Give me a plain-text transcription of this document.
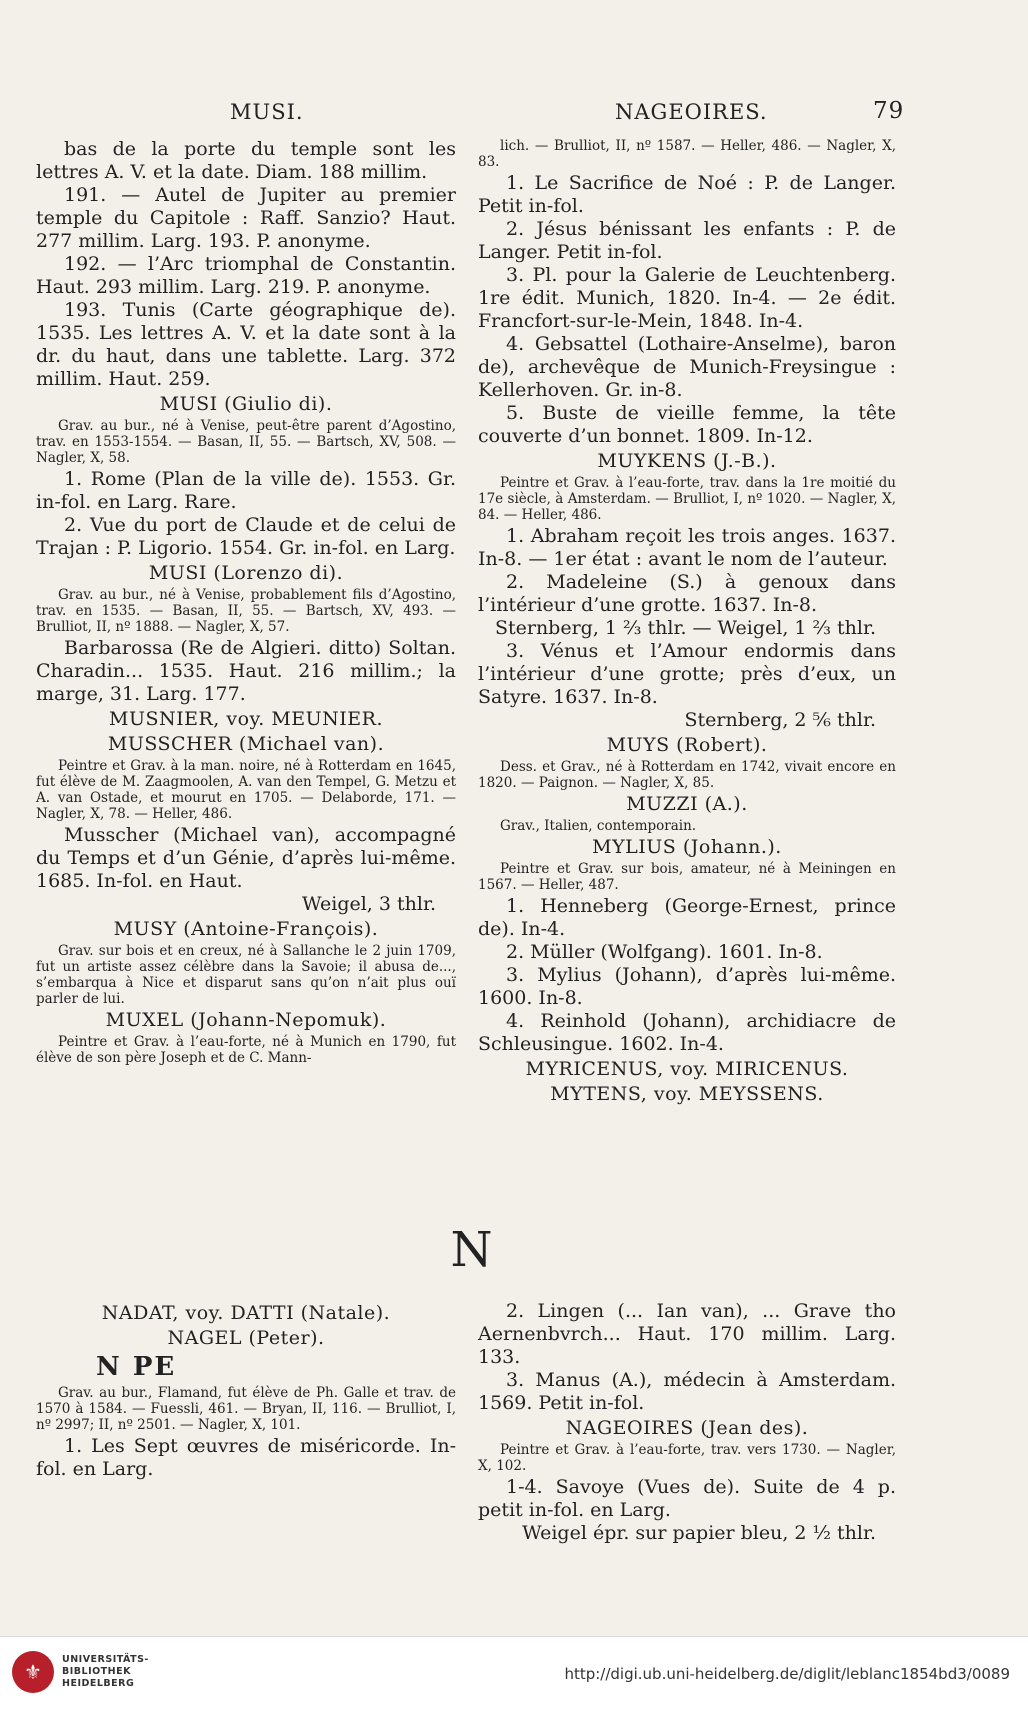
MUSI.	NAGEOIRES.	79

bas de la porte du temple sont les lettres A. V. et la date. Diam. 188 millim.

191. — Autel de Jupiter au premier temple du Capitole : Raff. Sanzio? Haut. 277 millim. Larg. 193. P. anonyme.

192. — l’Arc triomphal de Constantin. Haut. 293 millim. Larg. 219. P. anonyme.

193. Tunis (Carte géographique de). 1535. Les lettres A. V. et la date sont à la dr. du haut, dans une tablette. Larg. 372 millim. Haut. 259.

MUSI (Giulio di).

Grav. au bur., né à Venise, peut-être parent d’Agostino, trav. en 1553-1554. — Basan, II, 55. — Bartsch, XV, 508. — Nagler, X, 58.

1. Rome (Plan de la ville de). 1553. Gr. in-fol. en Larg. Rare.

2. Vue du port de Claude et de celui de Trajan : P. Ligorio. 1554. Gr. in-fol. en Larg.

MUSI (Lorenzo di).

Grav. au bur., né à Venise, probablement fils d’Agostino, trav. en 1535. — Basan, II, 55. — Bartsch, XV, 493. — Brulliot, II, nº 1888. — Nagler, X, 57.

Barbarossa (Re de Algieri. ditto) Soltan. Charadin... 1535. Haut. 216 millim.; la marge, 31. Larg. 177.

MUSNIER, voy. MEUNIER.

MUSSCHER (Michael van).

Peintre et Grav. à la man. noire, né à Rotterdam en 1645, fut élève de M. Zaagmoolen, A. van den Tempel, G. Metzu et A. van Ostade, et mourut en 1705. — Delaborde, 171. — Nagler, X, 78. — Heller, 486.

Musscher (Michael van), accompagné du Temps et d’un Génie, d’après lui-même. 1685. In-fol. en Haut.

Weigel, 3 thlr.

MUSY (Antoine-François).

Grav. sur bois et en creux, né à Sallanche le 2 juin 1709, fut un artiste assez célèbre dans la Savoie; il abusa de..., s’embarqua à Nice et disparut sans qu’on n’ait plus ouï parler de lui.

MUXEL (Johann-Nepomuk).

Peintre et Grav. à l’eau-forte, né à Munich en 1790, fut élève de son père Joseph et de C. Mann-

lich. — Brulliot, II, nº 1587. — Heller, 486. — Nagler, X, 83.

1. Le Sacrifice de Noé : P. de Langer. Petit in-fol.

2. Jésus bénissant les enfants : P. de Langer. Petit in-fol.

3. Pl. pour la Galerie de Leuchtenberg. 1re édit. Munich, 1820. In-4. — 2e édit. Francfort-sur-le-Mein, 1848. In-4.

4. Gebsattel (Lothaire-Anselme), baron de), archevêque de Munich-Freysingue : Kellerhoven. Gr. in-8.

5. Buste de vieille femme, la tête couverte d’un bonnet. 1809. In-12.

MUYKENS (J.-B.).

Peintre et Grav. à l’eau-forte, trav. dans la 1re moitié du 17e siècle, à Amsterdam. — Brulliot, I, nº 1020. — Nagler, X, 84. — Heller, 486.

1. Abraham reçoit les trois anges. 1637. In-8. — 1er état : avant le nom de l’auteur.

2. Madeleine (S.) à genoux dans l’intérieur d’une grotte. 1637. In-8.

Sternberg, 1 ⅔ thlr. — Weigel, 1 ⅔ thlr.

3. Vénus et l’Amour endormis dans l’intérieur d’une grotte; près d’eux, un Satyre. 1637. In-8.

Sternberg, 2 ⅚ thlr.

MUYS (Robert).

Dess. et Grav., né à Rotterdam en 1742, vivait encore en 1820. — Paignon. — Nagler, X, 85.

MUZZI (A.).

Grav., Italien, contemporain.

MYLIUS (Johann.).

Peintre et Grav. sur bois, amateur, né à Meiningen en 1567. — Heller, 487.

1. Henneberg (George-Ernest, prince de). In-4.

2. Müller (Wolfgang). 1601. In-8.

3. Mylius (Johann), d’après lui-même. 1600. In-8.

4. Reinhold (Johann), archidiacre de Schleusingue. 1602. In-4.

MYRICENUS, voy. MIRICENUS.

MYTENS, voy. MEYSSENS.

N

NADAT, voy. DATTI (Natale).

NAGEL (Peter).

N PE

Grav. au bur., Flamand, fut élève de Ph. Galle et trav. de 1570 à 1584. — Fuessli, 461. — Bryan, II, 116. — Brulliot, I, nº 2997; II, nº 2501. — Nagler, X, 101.

1. Les Sept œuvres de miséricorde. In-fol. en Larg.

2. Lingen (... Ian van), ... Grave tho Aernenbvrch... Haut. 170 millim. Larg. 133.

3. Manus (A.), médecin à Amsterdam. 1569. Petit in-fol.

NAGEOIRES (Jean des).

Peintre et Grav. à l’eau-forte, trav. vers 1730. — Nagler, X, 102.

1-4. Savoye (Vues de). Suite de 4 p. petit in-fol. en Larg.

Weigel épr. sur papier bleu, 2 ½ thlr.

⚜
UNIVERSITÄTS-
BIBLIOTHEK
HEIDELBERG
http://digi.ub.uni-heidelberg.de/diglit/leblanc1854bd3/0089
